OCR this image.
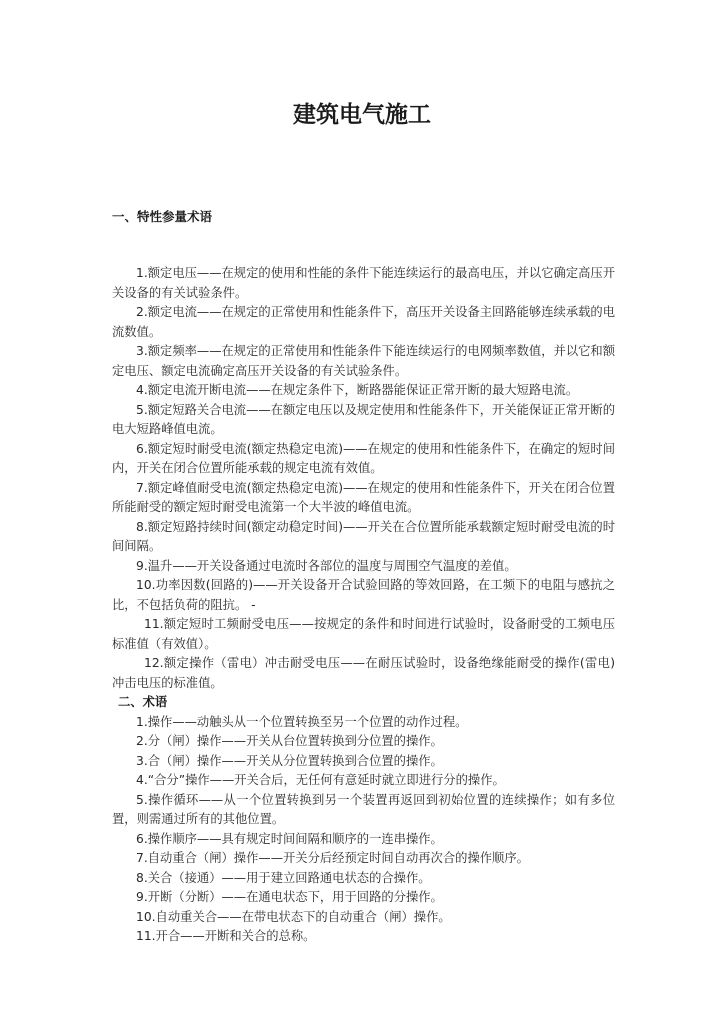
建筑电气施工
一、特性参量术语

1.额定电压——在规定的使用和性能的条件下能连续运行的最高电压，并以它确定高压开关设备的有关试验条件。

2.额定电流——在规定的正常使用和性能条件下，高压开关设备主回路能够连续承载的电流数值。

3.额定频率——在规定的正常使用和性能条件下能连续运行的电网频率数值，并以它和额定电压、额定电流确定高压开关设备的有关试验条件。

4.额定电流开断电流——在规定条件下，断路器能保证正常开断的最大短路电流。

5.额定短路关合电流——在额定电压以及规定使用和性能条件下，开关能保证正常开断的电大短路峰值电流。

6.额定短时耐受电流(额定热稳定电流)——在规定的使用和性能条件下，在确定的短时间内，开关在闭合位置所能承载的规定电流有效值。

7.额定峰值耐受电流(额定热稳定电流)——在规定的使用和性能条件下，开关在闭合位置所能耐受的额定短时耐受电流第一个大半波的峰值电流。

8.额定短路持续时间(额定动稳定时间)——开关在合位置所能承载额定短时耐受电流的时间间隔。

9.温升——开关设备通过电流时各部位的温度与周围空气温度的差值。

10.功率因数(回路的)——开关设备开合试验回路的等效回路，在工频下的电阻与感抗之比，不包括负荷的阻抗。 -

11.额定短时工频耐受电压——按规定的条件和时间进行试验时，设备耐受的工频电压标准值（有效值）。

12.额定操作（雷电）冲击耐受电压——在耐压试验时，设备绝缘能耐受的操作(雷电)冲击电压的标准值。

二、术语

1.操作——动触头从一个位置转换至另一个位置的动作过程。

2.分（闸）操作——开关从台位置转换到分位置的操作。

3.合（闸）操作——开关从分位置转换到合位置的操作。

4.“合分”操作——开关合后，无任何有意延时就立即进行分的操作。

5.操作循环——从一个位置转换到另一个装置再返回到初始位置的连续操作；如有多位置，则需通过所有的其他位置。

6.操作顺序——具有规定时间间隔和顺序的一连串操作。

7.自动重合（闸）操作——开关分后经预定时间自动再次合的操作顺序。

8.关合（接通）——用于建立回路通电状态的合操作。

9.开断（分断）——在通电状态下，用于回路的分操作。

10.自动重关合——在带电状态下的自动重合（闸）操作。

11.开合——开断和关合的总称。
